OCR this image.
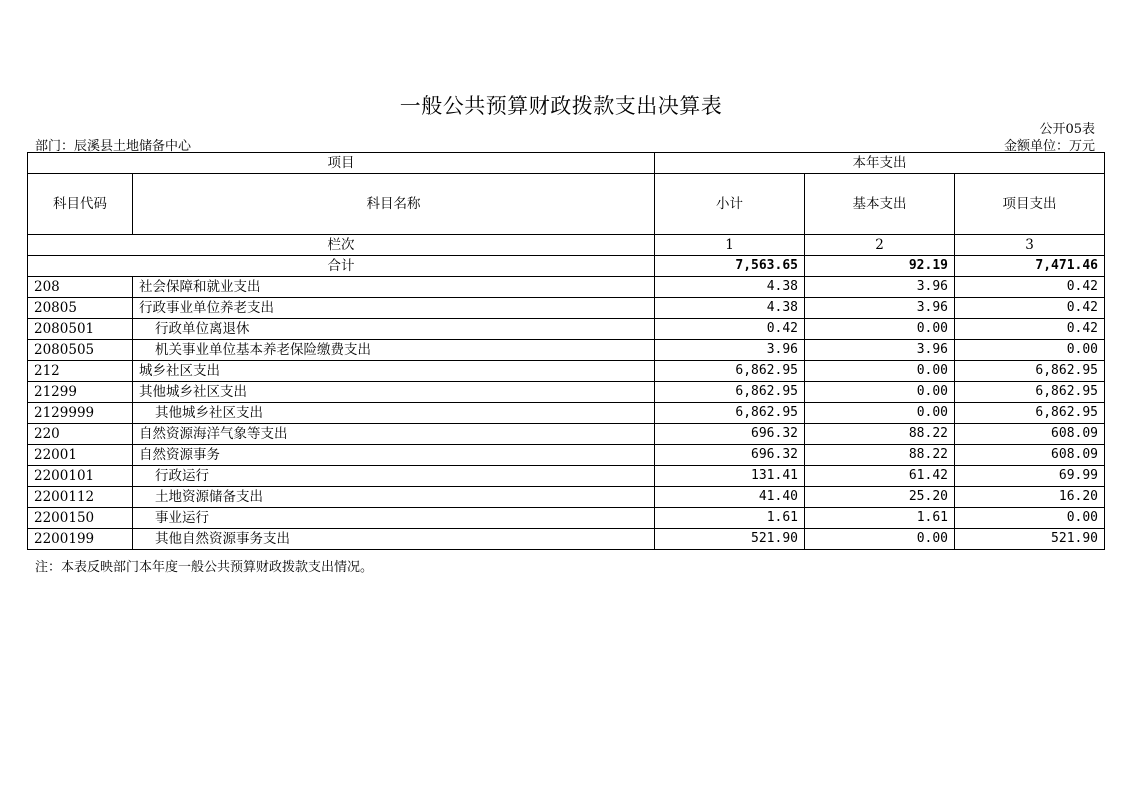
一般公共预算财政拨款支出决算表
公开05表
部门：辰溪县土地储备中心	金额单位：万元
项目		本年支出		
科目代码	科目名称	小计	基本支出	项目支出
栏次		1	2	3
合计		7,563.65	92.19	7,471.46
208	社会保障和就业支出	4.38	3.96	0.42
20805	行政事业单位养老支出	4.38	3.96	0.42
2080501	行政单位离退休	0.42	0.00	0.42
2080505	机关事业单位基本养老保险缴费支出	3.96	3.96	0.00
212	城乡社区支出	6,862.95	0.00	6,862.95
21299	其他城乡社区支出	6,862.95	0.00	6,862.95
2129999	其他城乡社区支出	6,862.95	0.00	6,862.95
220	自然资源海洋气象等支出	696.32	88.22	608.09
22001	自然资源事务	696.32	88.22	608.09
2200101	行政运行	131.41	61.42	69.99
2200112	土地资源储备支出	41.40	25.20	16.20
2200150	事业运行	1.61	1.61	0.00
2200199	其他自然资源事务支出	521.90	0.00	521.90
注：本表反映部门本年度一般公共预算财政拨款支出情况。
